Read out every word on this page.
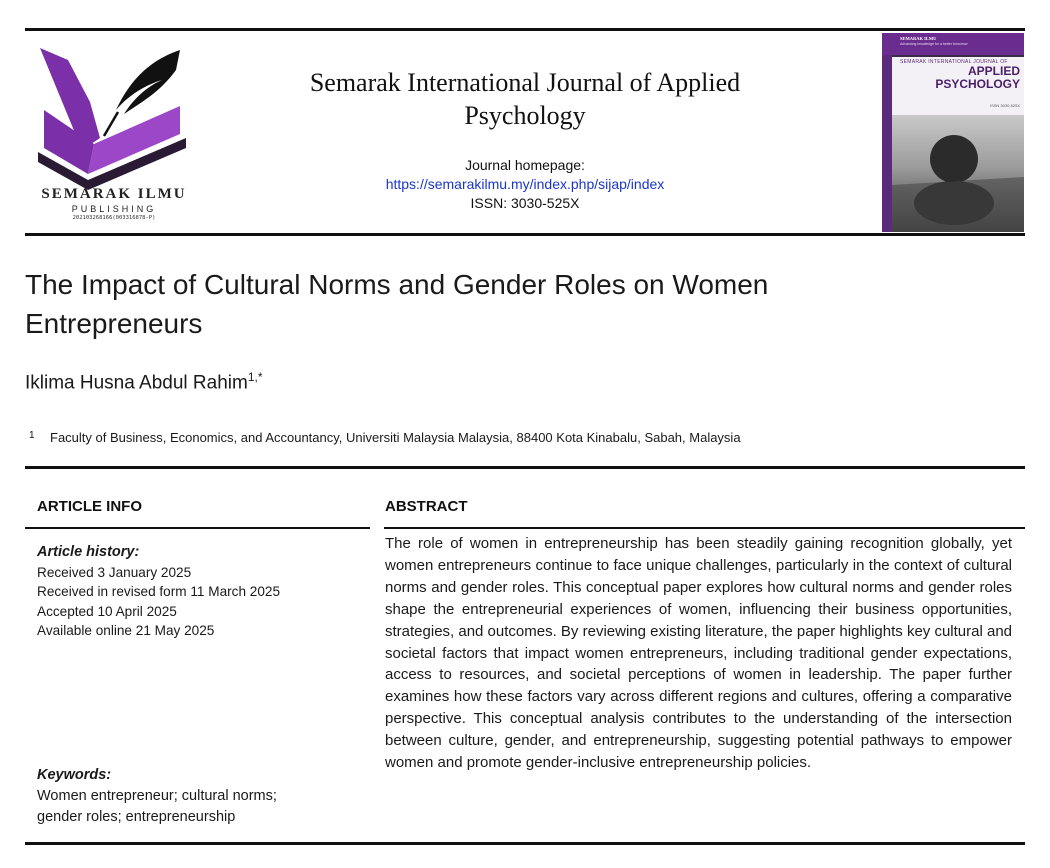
SEMARAK ILMU
PUBLISHING
202103268166(003316878-P)
Semarak International Journal of Applied
Psychology
Journal homepage:
https://semarakilmu.my/index.php/sijap/index
ISSN: 3030-525X
SEMARAK ILMU
Advancing knowledge for a better tomorrow
SEMARAK INTERNATIONAL JOURNAL OF
APPLIED
PSYCHOLOGY
ISSN 3030-525X
The Impact of Cultural Norms and Gender Roles on Women
Entrepreneurs
Iklima Husna Abdul Rahim$^{1,*}$
1 Faculty of Business, Economics, and Accountancy, Universiti Malaysia Malaysia, 88400 Kota Kinabalu, Sabah, Malaysia
ARTICLE INFO	ABSTRACT
Article history:
Received 3 January 2025
Received in revised form 11 March 2025
Accepted 10 April 2025
Available online 21 May 2025
Keywords:
Women entrepreneur; cultural norms;
gender roles; entrepreneurship
The role of women in entrepreneurship has been steadily gaining recognition globally, yet women entrepreneurs continue to face unique challenges, particularly in the context of cultural norms and gender roles. This conceptual paper explores how cultural norms and gender roles shape the entrepreneurial experiences of women, influencing their business opportunities, strategies, and outcomes. By reviewing existing literature, the paper highlights key cultural and societal factors that impact women entrepreneurs, including traditional gender expectations, access to resources, and societal perceptions of women in leadership. The paper further examines how these factors vary across different regions and cultures, offering a comparative perspective. This conceptual analysis contributes to the understanding of the intersection between culture, gender, and entrepreneurship, suggesting potential pathways to empower women and promote gender-inclusive entrepreneurship policies.
